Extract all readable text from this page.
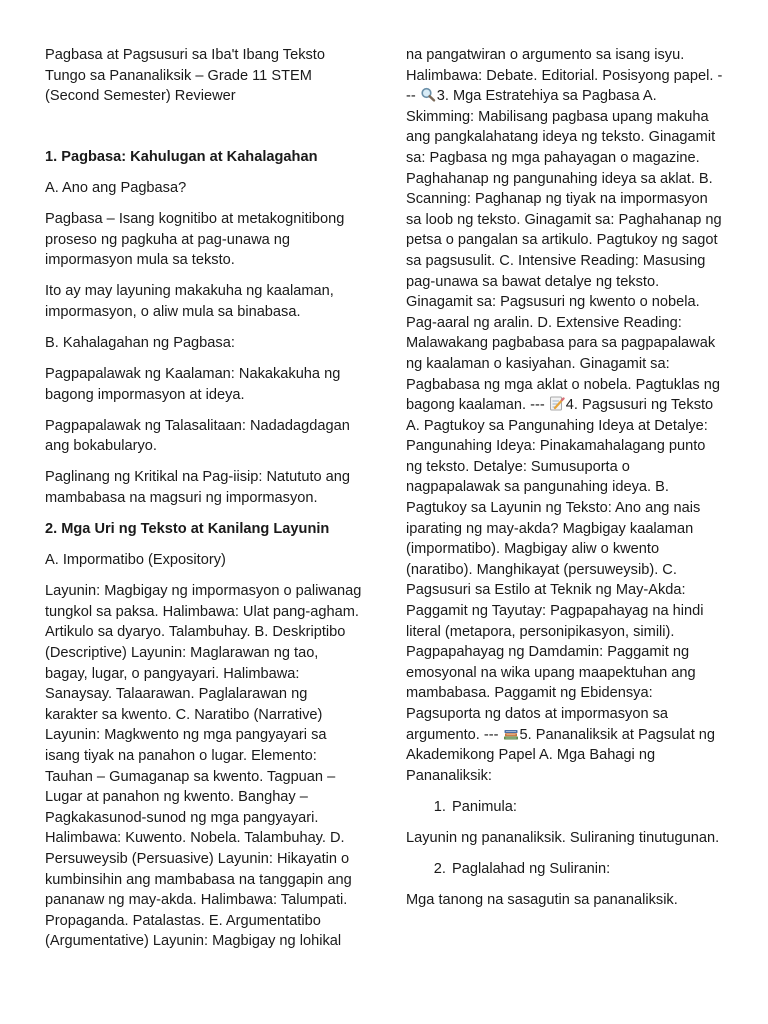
Pagbasa at Pagsusuri sa Iba't Ibang Teksto Tungo sa Pananaliksik – Grade 11 STEM (Second Semester) Reviewer

1. Pagbasa: Kahulugan at Kahalagahan

A. Ano ang Pagbasa?

Pagbasa – Isang kognitibo at metakognitibong proseso ng pagkuha at pag-unawa ng impormasyon mula sa teksto.

Ito ay may layuning makakuha ng kaalaman, impormasyon, o aliw mula sa binabasa.

B. Kahalagahan ng Pagbasa:

Pagpapalawak ng Kaalaman: Nakakakuha ng bagong impormasyon at ideya.

Pagpapalawak ng Talasalitaan: Nadadagdagan ang bokabularyo.

Paglinang ng Kritikal na Pag-iisip: Natututo ang mambabasa na magsuri ng impormasyon.

2. Mga Uri ng Teksto at Kanilang Layunin

A. Impormatibo (Expository)

Layunin: Magbigay ng impormasyon o paliwanag tungkol sa paksa. Halimbawa: Ulat pang-agham. Artikulo sa dyaryo. Talambuhay. B. Deskriptibo (Descriptive) Layunin: Maglarawan ng tao, bagay, lugar, o pangyayari. Halimbawa: Sanaysay. Talaarawan. Paglalarawan ng karakter sa kwento. C. Naratibo (Narrative) Layunin: Magkwento ng mga pangyayari sa isang tiyak na panahon o lugar. Elemento: Tauhan – Gumaganap sa kwento. Tagpuan – Lugar at panahon ng kwento. Banghay – Pagkakasunod-sunod ng mga pangyayari. Halimbawa: Kuwento. Nobela. Talambuhay. D. Persuweysib (Persuasive) Layunin: Hikayatin o kumbinsihin ang mambabasa na tanggapin ang pananaw ng may-akda. Halimbawa: Talumpati. Propaganda. Patalastas. E. Argumentatibo (Argumentative) Layunin: Magbigay ng lohikal

na pangatwiran o argumento sa isang isyu. Halimbawa: Debate. Editorial. Posisyong papel. ---
3. Mga Estratehiya sa Pagbasa A. Skimming: Mabilisang pagbasa upang makuha ang pangkalahatang ideya ng teksto. Ginagamit sa: Pagbasa ng mga pahayagan o magazine. Paghahanap ng pangunahing ideya sa aklat. B. Scanning: Paghanap ng tiyak na impormasyon sa loob ng teksto. Ginagamit sa: Paghahanap ng petsa o pangalan sa artikulo. Pagtukoy ng sagot sa pagsusulit. C. Intensive Reading: Masusing pag-unawa sa bawat detalye ng teksto. Ginagamit sa: Pagsusuri ng kwento o nobela. Pag-aaral ng aralin. D. Extensive Reading: Malawakang pagbabasa para sa pagpapalawak ng kaalaman o kasiyahan. Ginagamit sa: Pagbabasa ng mga aklat o nobela. Pagtuklas ng bagong kaalaman. ---
4. Pagsusuri ng Teksto A. Pagtukoy sa Pangunahing Ideya at Detalye: Pangunahing Ideya: Pinakamahalagang punto ng teksto. Detalye: Sumusuporta o nagpapalawak sa pangunahing ideya. B. Pagtukoy sa Layunin ng Teksto: Ano ang nais iparating ng may-akda? Magbigay kaalaman (impormatibo). Magbigay aliw o kwento (naratibo). Manghikayat (persuweysib). C. Pagsusuri sa Estilo at Teknik ng May-Akda: Paggamit ng Tayutay: Pagpapahayag na hindi literal (metapora, personipikasyon, simili). Pagpapahayag ng Damdamin: Paggamit ng emosyonal na wika upang maapektuhan ang mambabasa. Paggamit ng Ebidensya: Pagsuporta ng datos at impormasyon sa argumento. ---
5. Pananaliksik at Pagsulat ng Akademikong Papel A. Mga Bahagi ng Pananaliksik:

1. Panimula:

Layunin ng pananaliksik. Suliraning tinutugunan.

2. Paglalahad ng Suliranin:

Mga tanong na sasagutin sa pananaliksik.
